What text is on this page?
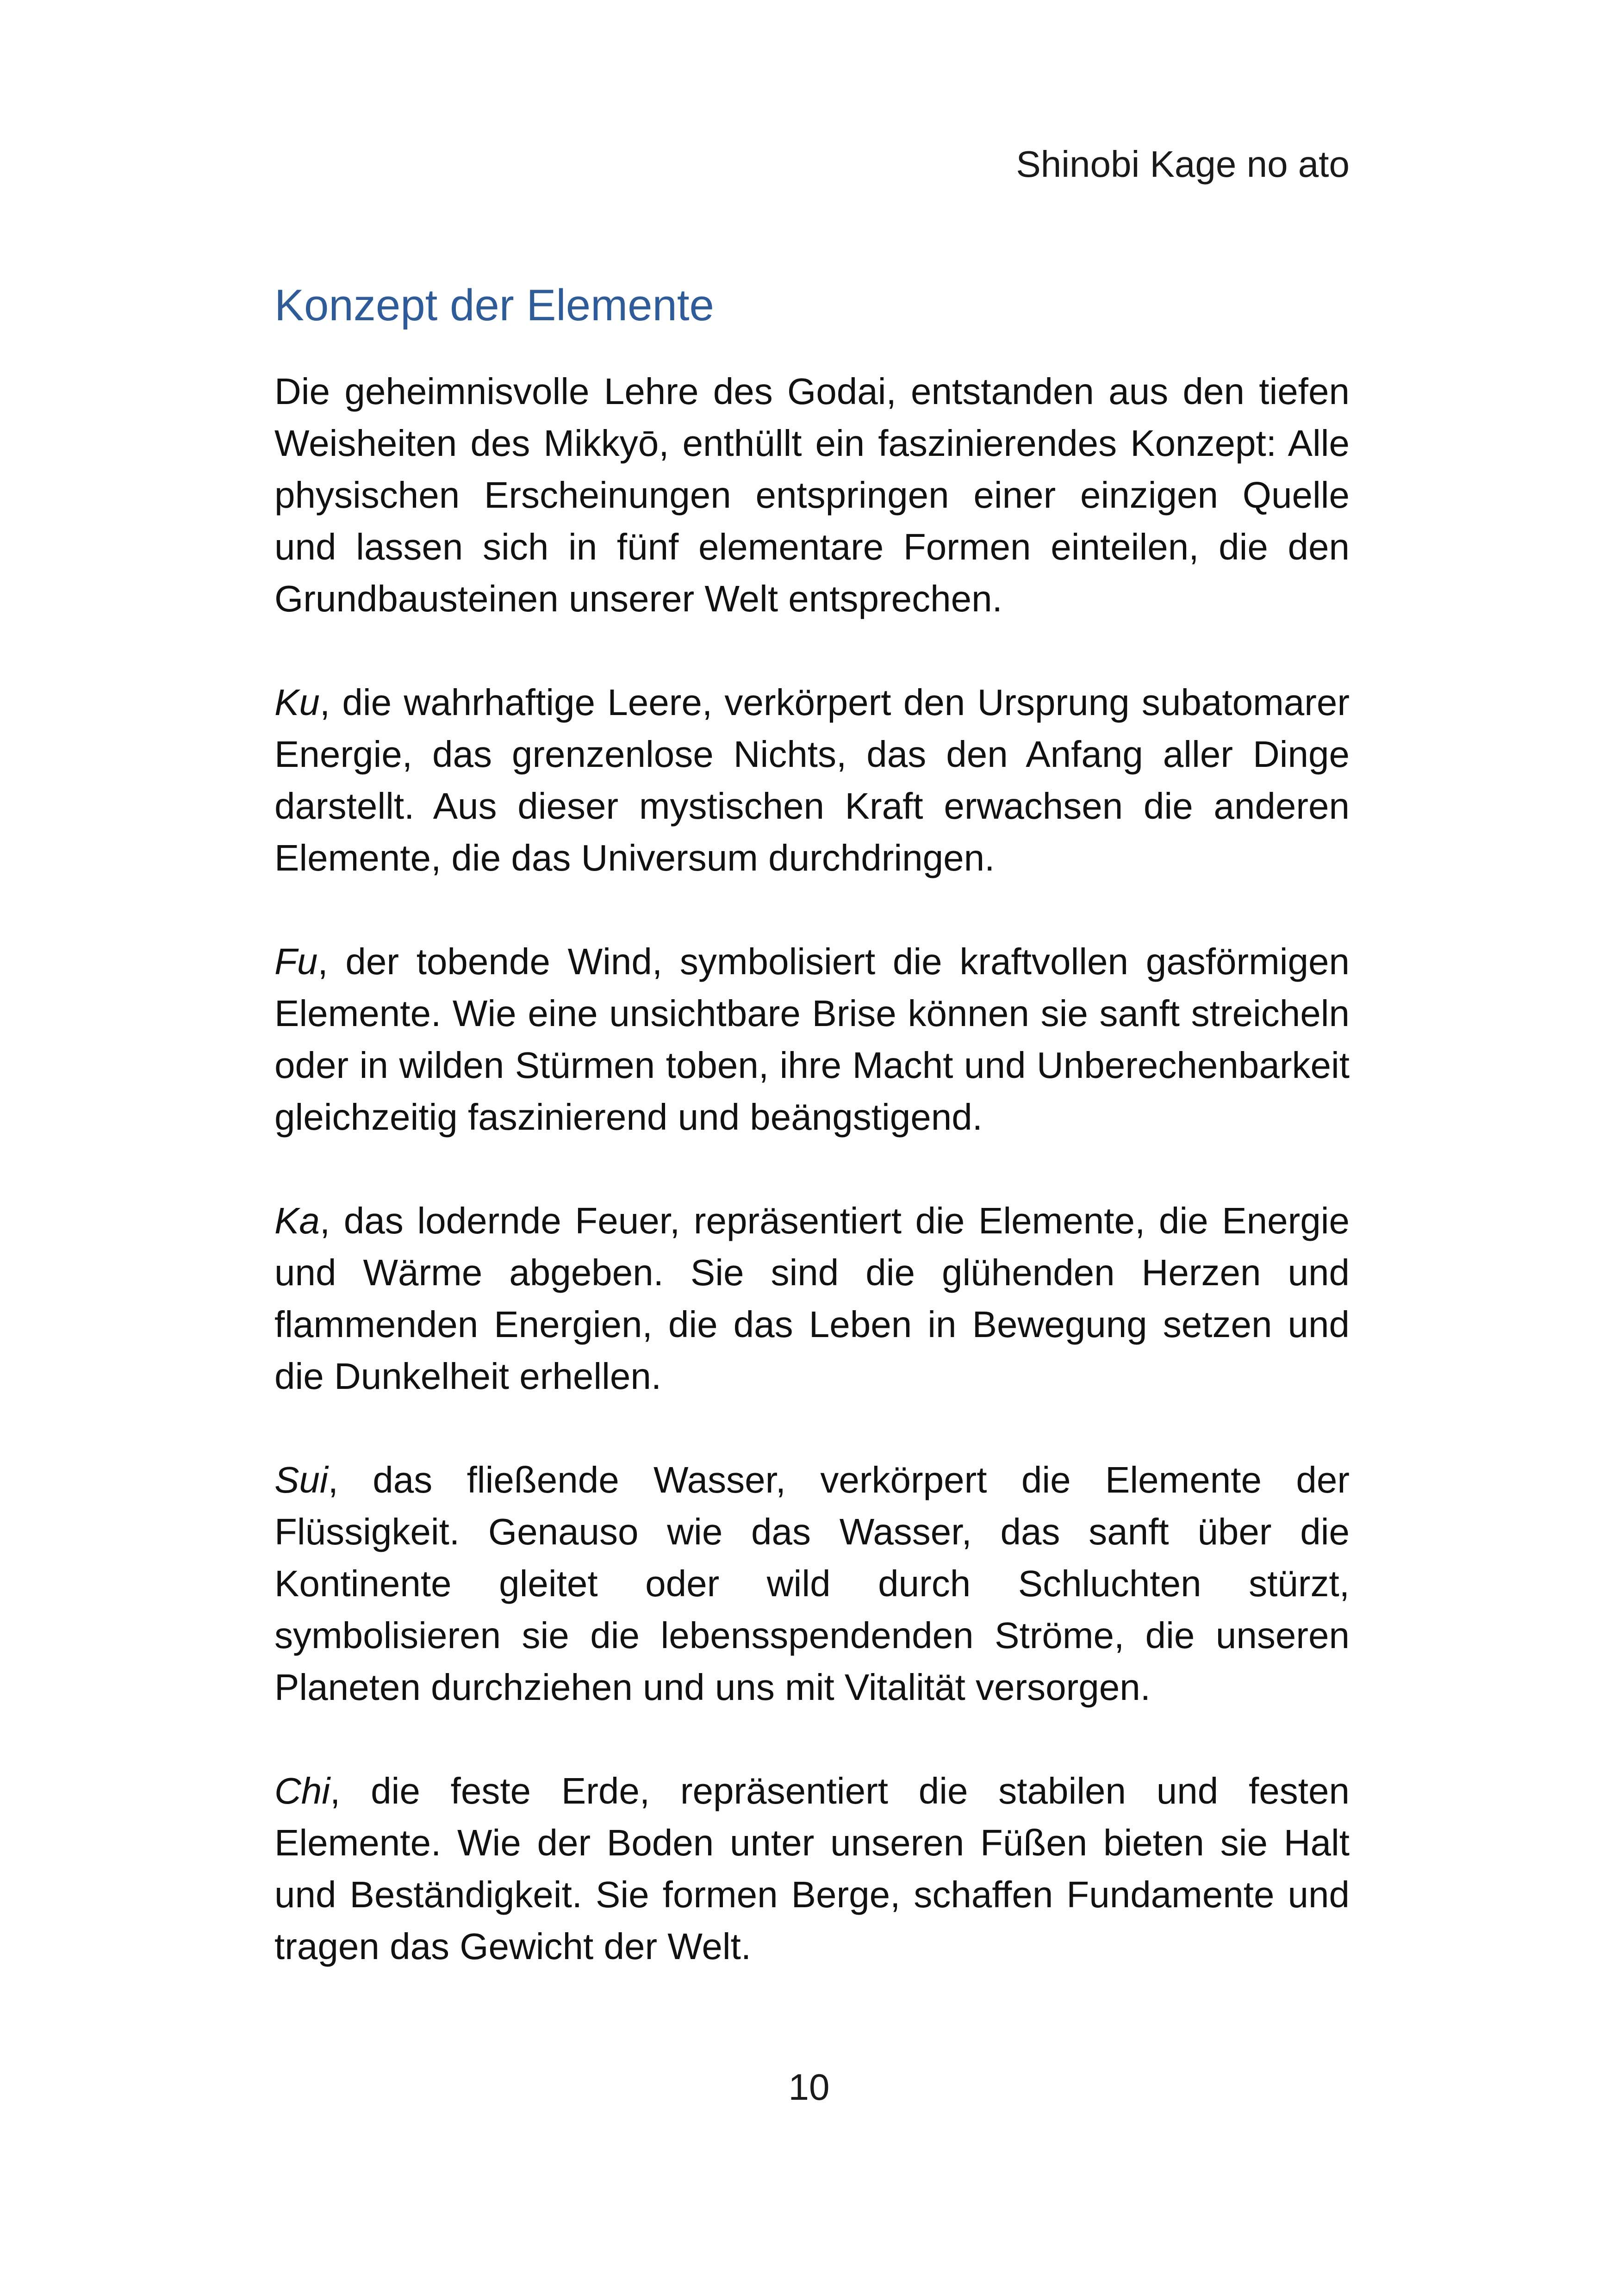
Shinobi Kage no ato
Konzept der Elemente

Die geheimnisvolle Lehre des Godai, entstanden aus den tiefen Weisheiten des Mikkyō, enthüllt ein faszinierendes Konzept: Alle physischen Erscheinungen entspringen einer einzigen Quelle und lassen sich in fünf elementare Formen einteilen, die den Grundbausteinen unserer Welt entsprechen.

Ku, die wahrhaftige Leere, verkörpert den Ursprung subatomarer Energie, das grenzenlose Nichts, das den Anfang aller Dinge darstellt. Aus dieser mystischen Kraft erwachsen die anderen Elemente, die das Universum durchdringen.

Fu, der tobende Wind, symbolisiert die kraftvollen gasförmigen Elemente. Wie eine unsichtbare Brise können sie sanft streicheln oder in wilden Stürmen toben, ihre Macht und Unberechenbarkeit gleichzeitig faszinierend und beängstigend.

Ka, das lodernde Feuer, repräsentiert die Elemente, die Energie und Wärme abgeben. Sie sind die glühenden Herzen und flammenden Energien, die das Leben in Bewegung setzen und die Dunkelheit erhellen.

Sui, das fließende Wasser, verkörpert die Elemente der Flüssigkeit. Genauso wie das Wasser, das sanft über die Kontinente gleitet oder wild durch Schluchten stürzt, symbolisieren sie die lebensspendenden Ströme, die unseren Planeten durchziehen und uns mit Vitalität versorgen.

Chi, die feste Erde, repräsentiert die stabilen und festen Elemente. Wie der Boden unter unseren Füßen bieten sie Halt und Beständigkeit. Sie formen Berge, schaffen Fundamente und tragen das Gewicht der Welt.

10
